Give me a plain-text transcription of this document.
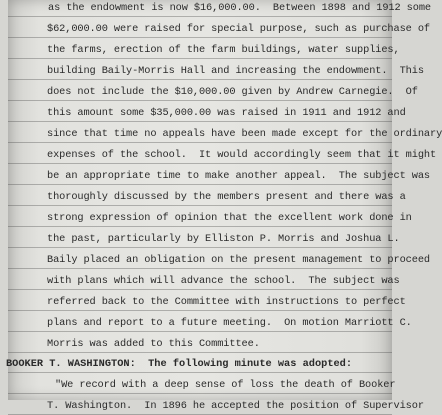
as the endowment is now $16,000.00.  Between 1898 and 1912 some
$62,000.00 were raised for special purpose, such as purchase of
the farms, erection of the farm buildings, water supplies,
building Baily-Morris Hall and increasing the endowment.  This
does not include the $10,000.00 given by Andrew Carnegie.  Of
this amount some $35,000.00 was raised in 1911 and 1912 and
since that time no appeals have been made except for the ordinary
expenses of the school.  It would accordingly seem that it might
be an appropriate time to make another appeal.  The subject was
thoroughly discussed by the members present and there was a
strong expression of opinion that the excellent work done in
the past, particularly by Elliston P. Morris and Joshua L.
Baily placed an obligation on the present management to proceed
with plans which will advance the school.  The subject was
referred back to the Committee with instructions to perfect
plans and report to a future meeting.  On motion Marriott C.
Morris was added to this Committee.
BOOKER T. WASHINGTON:  The following minute was adopted:
"We record with a deep sense of loss the death of Booker
T. Washington.  In 1896 he accepted the position of Supervisor
